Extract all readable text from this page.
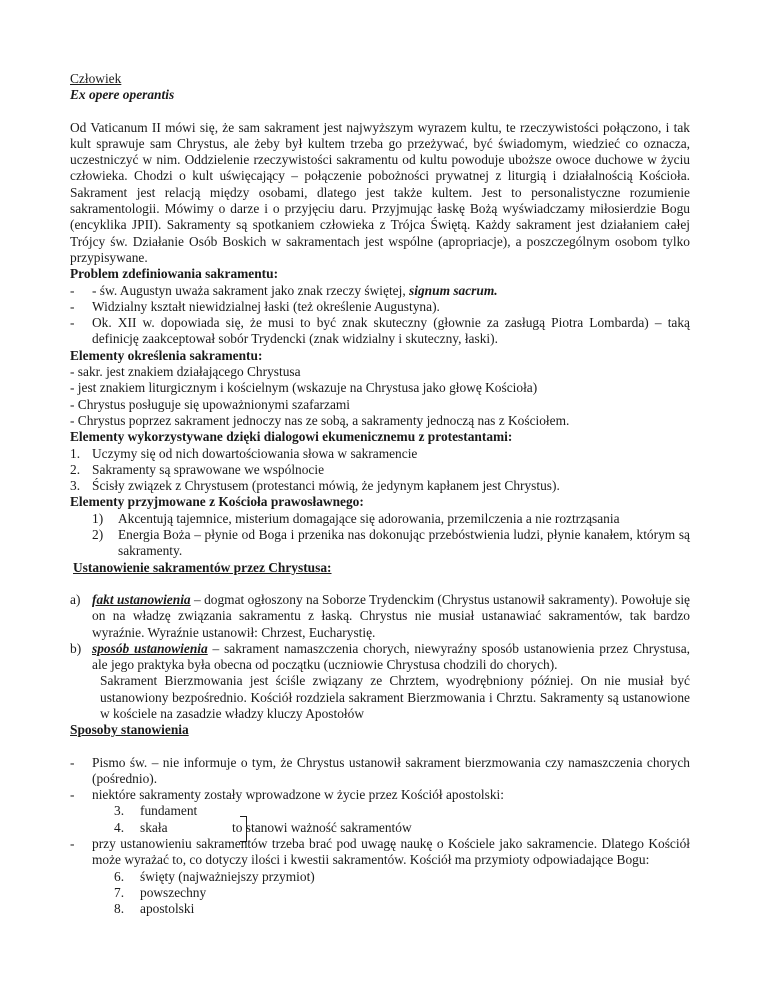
Człowiek
Ex opere operantis
Od Vaticanum II mówi się, że sam sakrament jest najwyższym wyrazem kultu, te rzeczywistości połączono, i tak kult sprawuje sam Chrystus, ale żeby był kultem trzeba go przeżywać, być świadomym, wiedzieć co oznacza, uczestniczyć w nim. Oddzielenie rzeczywistości sakramentu od kultu powoduje uboższe owoce duchowe w życiu człowieka. Chodzi o kult uświęcający – połączenie pobożności prywatnej z liturgią i działalnością Kościoła. Sakrament jest relacją między osobami, dlatego jest także kultem. Jest to personalistyczne rozumienie sakramentologii. Mówimy o darze i o przyjęciu daru. Przyjmując łaskę Bożą wyświadczamy miłosierdzie Bogu (encyklika JPII). Sakramenty są spotkaniem człowieka z Trójca Świętą. Każdy sakrament jest działaniem całej Trójcy św. Działanie Osób Boskich w sakramentach jest wspólne (apropriacje), a poszczególnym osobom tylko przypisywane.
Problem zdefiniowania sakramentu:
- - św. Augustyn uważa sakrament jako znak rzeczy świętej, signum sacrum.
- Widzialny kształt niewidzialnej łaski (też określenie Augustyna).
- Ok. XII w. dopowiada się, że musi to być znak skuteczny (głownie za zasługą Piotra Lombarda) – taką definicję zaakceptował sobór Trydencki (znak widzialny i skuteczny, łaski).
Elementy określenia sakramentu:
- sakr. jest znakiem działającego Chrystusa
- jest znakiem liturgicznym i kościelnym (wskazuje na Chrystusa jako głowę Kościoła)
- Chrystus posługuje się upoważnionymi szafarzami
- Chrystus poprzez sakrament jednoczy nas ze sobą, a sakramenty jednoczą nas z Kościołem.
Elementy wykorzystywane dzięki dialogowi ekumenicznemu z protestantami:
1. Uczymy się od nich dowartościowania słowa w sakramencie
2. Sakramenty są sprawowane we wspólnocie
3. Ścisły związek z Chrystusem (protestanci mówią, że jedynym kapłanem jest Chrystus).
Elementy przyjmowane z Kościoła prawosławnego:
1) Akcentują tajemnice, misterium domagające się adorowania, przemilczenia a nie roztrząsania
2) Energia Boża – płynie od Boga i przenika nas dokonując przebóstwienia ludzi, płynie kanałem, którym są sakramenty.
Ustanowienie sakramentów przez Chrystusa:
a) fakt ustanowienia – dogmat ogłoszony na Soborze Trydenckim (Chrystus ustanowił sakramenty). Powołuje się on na władzę związania sakramentu z łaską. Chrystus nie musiał ustanawiać sakramentów, tak bardzo wyraźnie. Wyraźnie ustanowił: Chrzest, Eucharystię.
b) sposób ustanowienia – sakrament namaszczenia chorych, niewyraźny sposób ustanowienia przez Chrystusa, ale jego praktyka była obecna od początku (uczniowie Chrystusa chodzili do chorych).
Sakrament Bierzmowania jest ściśle związany ze Chrztem, wyodrębniony później. On nie musiał być ustanowiony bezpośrednio. Kościół rozdziela sakrament Bierzmowania i Chrztu. Sakramenty są ustanowione w kościele na zasadzie władzy kluczy Apostołów
Sposoby stanowienia
- Pismo św. – nie informuje o tym, że Chrystus ustanowił sakrament bierzmowania czy namaszczenia chorych (pośrednio).
- niektóre sakramenty zostały wprowadzone w życie przez Kościół apostolski:
3. fundament
4. skała	to stanowi ważność sakramentów
- przy ustanowieniu sakramentów trzeba brać pod uwagę naukę o Kościele jako sakramencie. Dlatego Kościół może wyrażać to, co dotyczy ilości i kwestii sakramentów. Kościół ma przymioty odpowiadające Bogu:
6. święty (najważniejszy przymiot)
7. powszechny
8. apostolski
